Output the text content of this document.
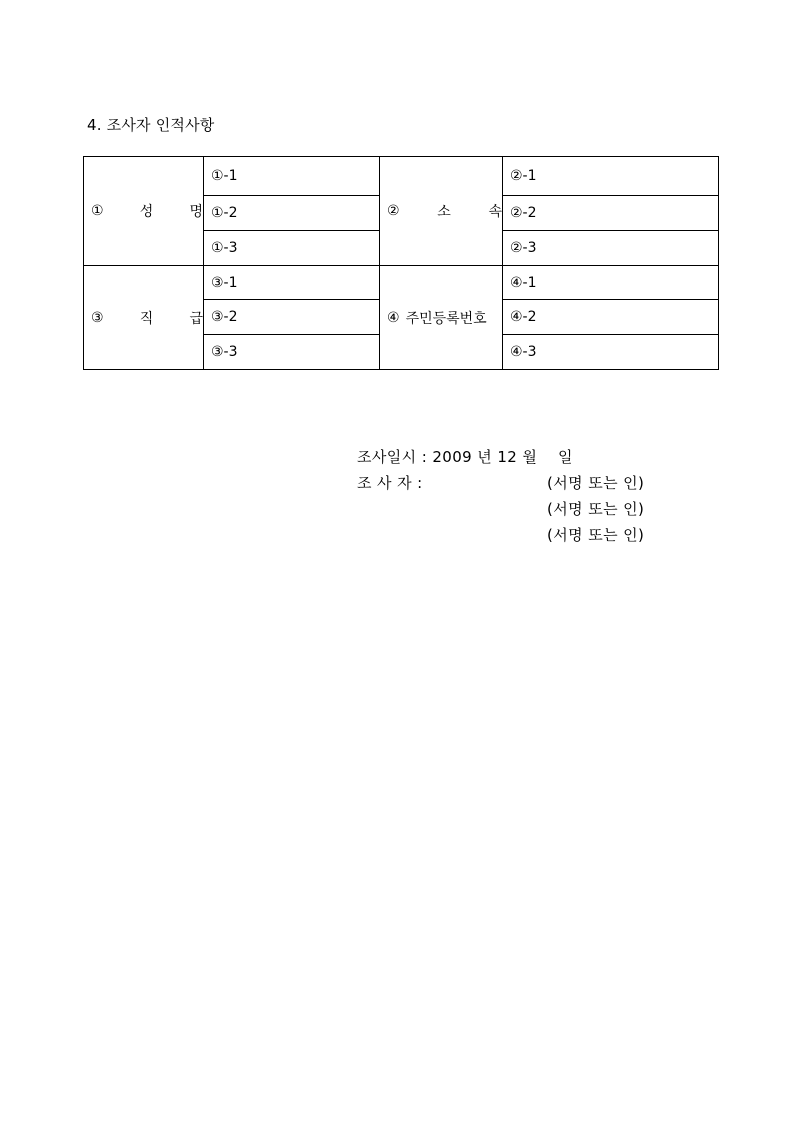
4. 조사자 인적사항
① 성 명	①-1	② 소 속	②-1
	①-2		②-2
	①-3		②-3

③ 직 급	③-1	④ 주민등록번호	④-1
	③-2		④-2
	③-3		④-3
조사일시 : 2009 년 12 월    일
조 사 자 :	(서명 또는 인)
(서명 또는 인)
(서명 또는 인)
